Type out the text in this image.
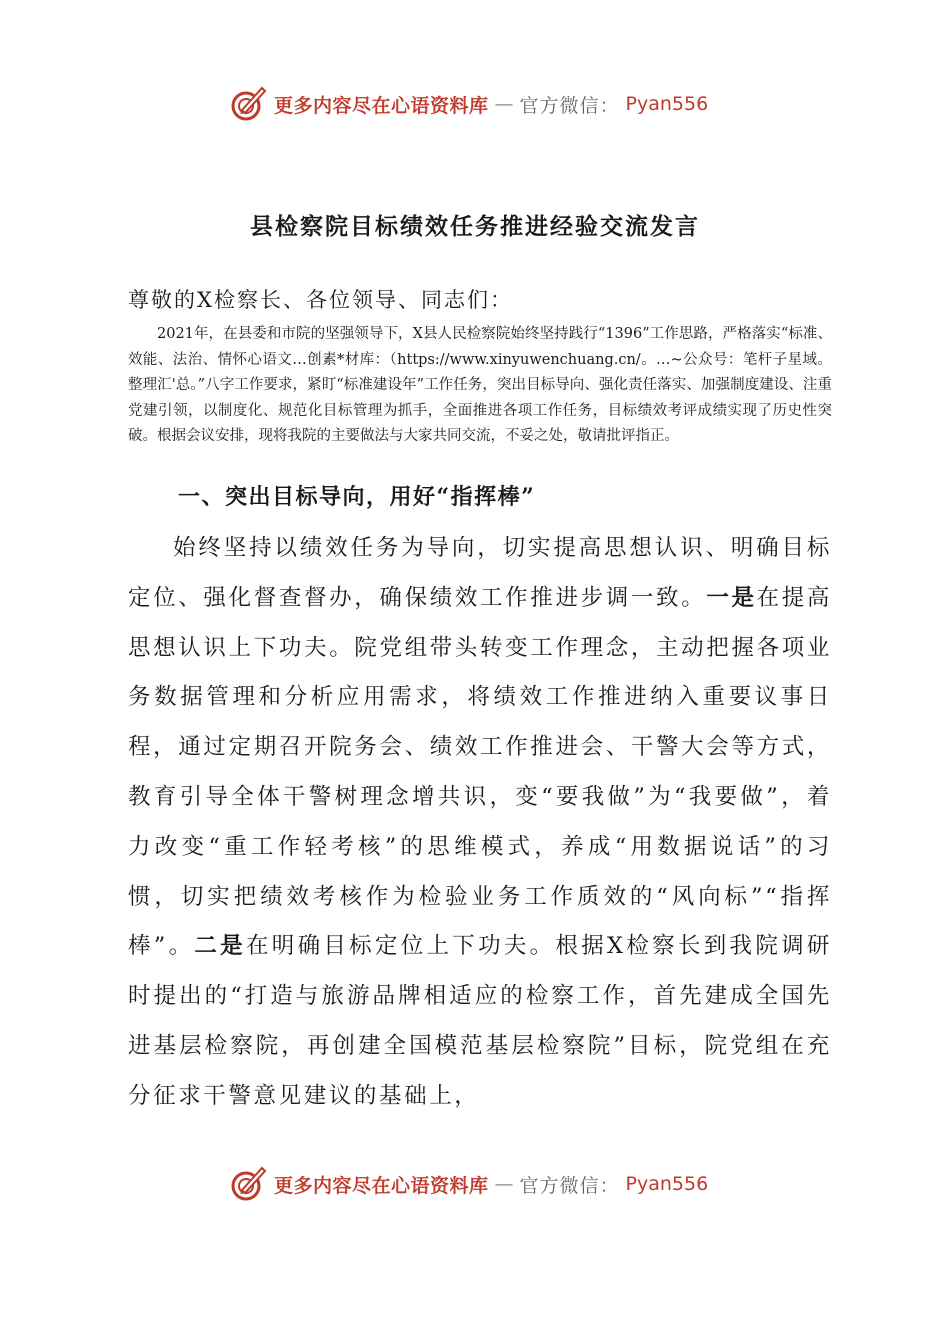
更多内容尽在心语资料库 — 官方微信： Pyan556
县检察院目标绩效任务推进经验交流发言
尊敬的X检察长、各位领导、同志们：

2021年，在县委和市院的坚强领导下，X县人民检察院始终坚持践行“1396”工作思路，严格落实“标准、效能、法治、情怀心语文…创素*材库：（https://www.xinyuwenchuang.cn/。…~公众号：笔杆子星域。整理汇'总。”八字工作要求，紧盯“标准建设年”工作任务，突出目标导向、强化责任落实、加强制度建设、注重党建引领，以制度化、规范化目标管理为抓手，全面推进各项工作任务，目标绩效考评成绩实现了历史性突破。根据会议安排，现将我院的主要做法与大家共同交流，不妥之处，敬请批评指正。

一、突出目标导向，用好“指挥棒”

始终坚持以绩效任务为导向，切实提高思想认识、明确目标定位、强化督查督办，确保绩效工作推进步调一致。一是在提高思想认识上下功夫。院党组带头转变工作理念，主动把握各项业务数据管理和分析应用需求，将绩效工作推进纳入重要议事日程，通过定期召开院务会、绩效工作推进会、干警大会等方式，教育引导全体干警树理念增共识，变“要我做”为“我要做”，着力改变“重工作轻考核”的思维模式，养成“用数据说话”的习惯，切实把绩效考核作为检验业务工作质效的“风向标”“指挥棒”。二是在明确目标定位上下功夫。根据X检察长到我院调研时提出的“打造与旅游品牌相适应的检察工作，首先建成全国先进基层检察院，再创建全国模范基层检察院”目标，院党组在充分征求干警意见建议的基础上，

更多内容尽在心语资料库 — 官方微信： Pyan556
